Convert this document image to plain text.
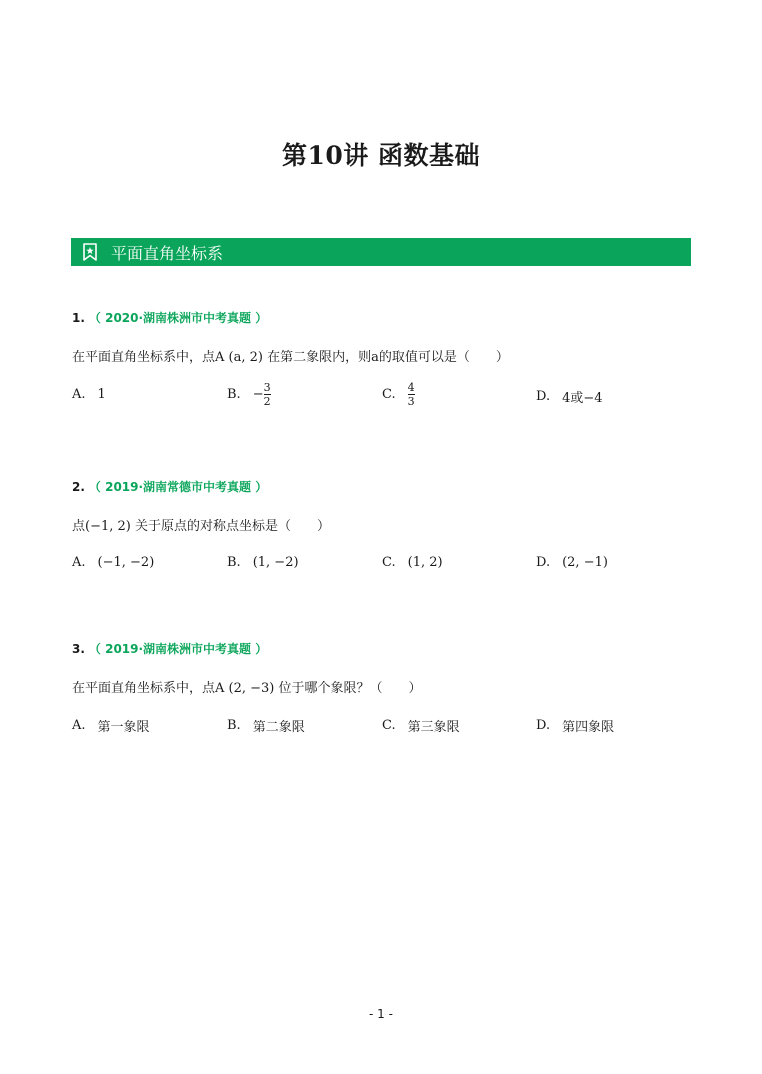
第10讲 函数基础
平面直角坐标系
1. （ 2020·湖南株洲市中考真题 ）
在平面直角坐标系中，点A (a, 2) 在第二象限内，则a的取值可以是（　　）
A. 1	B. − $\frac{3}{2}$	C. $\frac{4}{3}$	D. 4或−4
2. （ 2019·湖南常德市中考真题 ）
点(−1, 2) 关于原点的对称点坐标是（　　）
A. (−1, −2)	B. (1, −2)	C. (1, 2)	D. (2, −1)
3. （ 2019·湖南株洲市中考真题 ）
在平面直角坐标系中，点A (2, −3) 位于哪个象限？（　　）
A. 第一象限	B. 第二象限	C. 第三象限	D. 第四象限
- 1 -
